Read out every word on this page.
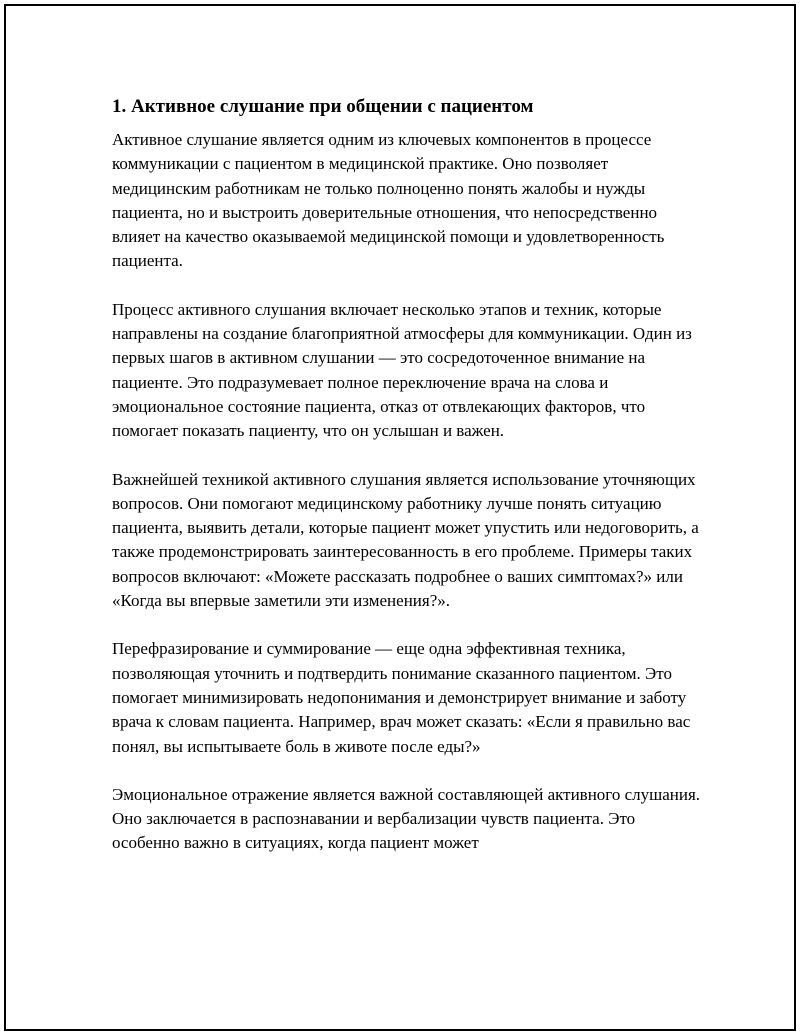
1. Активное слушание при общении с пациентом

Активное слушание является одним из ключевых компонентов в процессе коммуникации с пациентом в медицинской практике. Оно позволяет медицинским работникам не только полноценно понять жалобы и нужды пациента, но и выстроить доверительные отношения, что непосредственно влияет на качество оказываемой медицинской помощи и удовлетворенность пациента.

Процесс активного слушания включает несколько этапов и техник, которые направлены на создание благоприятной атмосферы для коммуникации. Один из первых шагов в активном слушании — это сосредоточенное внимание на пациенте. Это подразумевает полное переключение врача на слова и эмоциональное состояние пациента, отказ от отвлекающих факторов, что помогает показать пациенту, что он услышан и важен.

Важнейшей техникой активного слушания является использование уточняющих вопросов. Они помогают медицинскому работнику лучше понять ситуацию пациента, выявить детали, которые пациент может упустить или недоговорить, а также продемонстрировать заинтересованность в его проблеме. Примеры таких вопросов включают: «Можете рассказать подробнее о ваших симптомах?» или «Когда вы впервые заметили эти изменения?».

Перефразирование и суммирование — еще одна эффективная техника, позволяющая уточнить и подтвердить понимание сказанного пациентом. Это помогает минимизировать недопонимания и демонстрирует внимание и заботу врача к словам пациента. Например, врач может сказать: «Если я правильно вас понял, вы испытываете боль в животе после еды?»

Эмоциональное отражение является важной составляющей активного слушания. Оно заключается в распознавании и вербализации чувств пациента. Это особенно важно в ситуациях, когда пациент может
